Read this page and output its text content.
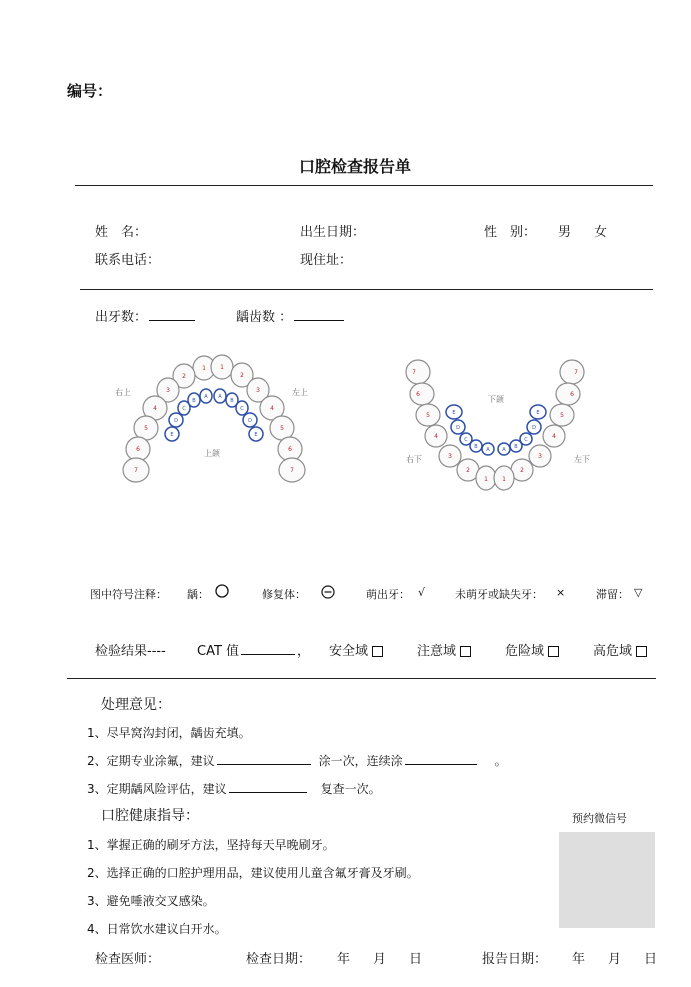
编号：
口腔检查报告单
姓　名：	出生日期：	性　别： 男 女
联系电话：	现住址：
出牙数：	龋齿数 ：
1 1
2	2
3	3
4	4
5	5
6	6
7	7
A A
B	B
C	C
D	D
E	E
右上	左上
上颌
7	7
6	6
5	5
4	4
3	3
2	2
1 1
E	E
D	D
C	C
B	B
A	A
下颌
右下	左下
图中符号注释： 龋：	修复体：	萌出牙： √	未萌牙或缺失牙： ×	滞留： ▽
检验结果---- CAT 值	， 安全域	注意域	危险域	高危域
处理意见：
1、尽早窝沟封闭，龋齿充填。
2、定期专业涂氟，建议	涂一次，连续涂	。
3、定期龋风险评估，建议	复查一次。
口腔健康指导：	预约微信号
1、掌握正确的刷牙方法，坚持每天早晚刷牙。
2、选择正确的口腔护理用品，建议使用儿童含氟牙膏及牙刷。
3、避免唾液交叉感染。
4、日常饮水建议白开水。
检查医师：	检查日期： 年 月 日	报告日期： 年 月 日
